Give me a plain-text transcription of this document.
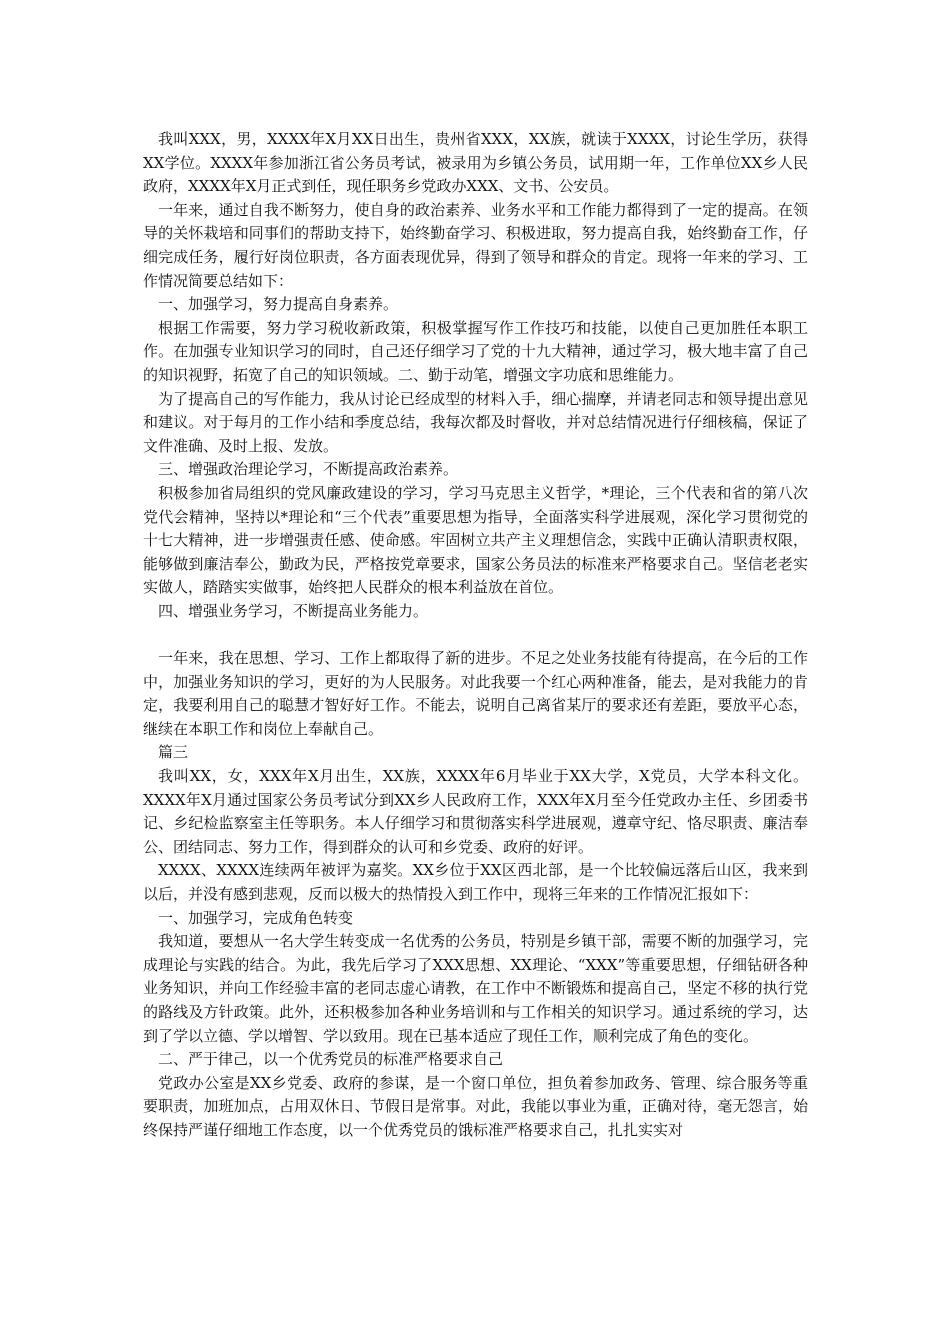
我叫XXX，男，XXXX年X月XX日出生，贵州省XXX，XX族，就读于XXXX，讨论生学历，获得XX学位。XXXX年参加浙江省公务员考试，被录用为乡镇公务员，试用期一年，工作单位XX乡人民政府，XXXX年X月正式到任，现任职务乡党政办XXX、文书、公安员。

一年来，通过自我不断努力，使自身的政治素养、业务水平和工作能力都得到了一定的提高。在领导的关怀栽培和同事们的帮助支持下，始终勤奋学习、积极进取，努力提高自我，始终勤奋工作，仔细完成任务，履行好岗位职责，各方面表现优异，得到了领导和群众的肯定。现将一年来的学习、工作情况简要总结如下：

一、加强学习，努力提高自身素养。

根据工作需要，努力学习税收新政策，积极掌握写作工作技巧和技能，以使自己更加胜任本职工作。在加强专业知识学习的同时，自己还仔细学习了党的十九大精神，通过学习，极大地丰富了自己的知识视野，拓宽了自己的知识领域。二、勤于动笔，增强文字功底和思维能力。

为了提高自己的写作能力，我从讨论已经成型的材料入手，细心揣摩，并请老同志和领导提出意见和建议。对于每月的工作小结和季度总结，我每次都及时督收，并对总结情况进行仔细核稿，保证了文件准确、及时上报、发放。

三、增强政治理论学习，不断提高政治素养。

积极参加省局组织的党风廉政建设的学习，学习马克思主义哲学，*理论，三个代表和省的第八次党代会精神，坚持以*理论和“三个代表”重要思想为指导，全面落实科学进展观，深化学习贯彻党的十七大精神，进一步增强责任感、使命感。牢固树立共产主义理想信念，实践中正确认清职责权限，能够做到廉洁奉公，勤政为民，严格按党章要求，国家公务员法的标准来严格要求自己。坚信老老实实做人，踏踏实实做事，始终把人民群众的根本利益放在首位。

四、增强业务学习，不断提高业务能力。

一年来，我在思想、学习、工作上都取得了新的进步。不足之处业务技能有待提高，在今后的工作中，加强业务知识的学习，更好的为人民服务。对此我要一个红心两种准备，能去，是对我能力的肯定，我要利用自己的聪慧才智好好工作。不能去，说明自己离省某厅的要求还有差距，要放平心态，继续在本职工作和岗位上奉献自己。

篇三

我叫XX，女，XXX年X月出生，XX族，XXXX年6月毕业于XX大学，X党员，大学本科文化。XXXX年X月通过国家公务员考试分到XX乡人民政府工作，XXX年X月至今任党政办主任、乡团委书记、乡纪检监察室主任等职务。本人仔细学习和贯彻落实科学进展观，遵章守纪、恪尽职责、廉洁奉公、团结同志、努力工作，得到群众的认可和乡党委、政府的好评。

XXXX、XXXX连续两年被评为嘉奖。XX乡位于XX区西北部，是一个比较偏远落后山区，我来到以后，并没有感到悲观，反而以极大的热情投入到工作中，现将三年来的工作情况汇报如下：

一、加强学习，完成角色转变

我知道，要想从一名大学生转变成一名优秀的公务员，特别是乡镇干部，需要不断的加强学习，完成理论与实践的结合。为此，我先后学习了XXX思想、XX理论、“XXX”等重要思想，仔细钻研各种业务知识，并向工作经验丰富的老同志虚心请教，在工作中不断锻炼和提高自己，坚定不移的执行党的路线及方针政策。此外，还积极参加各种业务培训和与工作相关的知识学习。通过系统的学习，达到了学以立德、学以增智、学以致用。现在已基本适应了现任工作，顺利完成了角色的变化。

二、严于律己，以一个优秀党员的标准严格要求自己

党政办公室是XX乡党委、政府的参谋，是一个窗口单位，担负着参加政务、管理、综合服务等重要职责，加班加点，占用双休日、节假日是常事。对此，我能以事业为重，正确对待，毫无怨言，始终保持严谨仔细地工作态度，以一个优秀党员的饿标准严格要求自己，扎扎实实对
